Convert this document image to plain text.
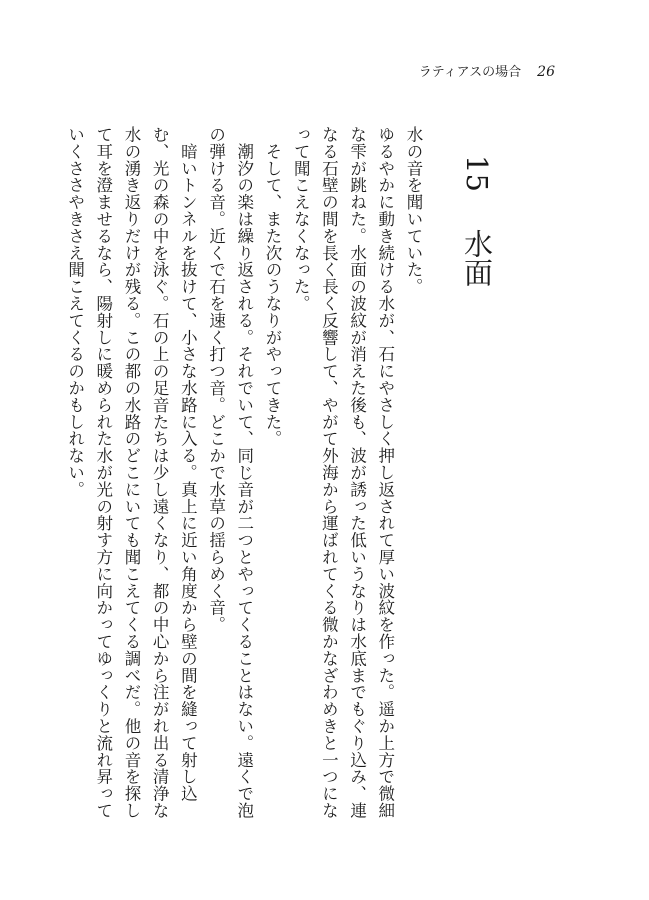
ラティアスの場合 26
15 水面

水の音を聞いていた。

ゆるやかに動き続ける水が、石にやさしく押し返されて厚い波紋を作った。遥か上方で微細な雫が跳ねた。水面の波紋が消えた後も、波が誘った低いうなりは水底までもぐり込み、連なる石壁の間を長く長く反響して、やがて外海から運ばれてくる微かなざわめきと一つになって聞こえなくなった。

　そして、また次のうなりがやってきた。

　潮汐の楽は繰り返される。それでいて、同じ音が二つとやってくることはない。遠くで泡の弾ける音。近くで石を速く打つ音。どこかで水草の揺らめく音。

　暗いトンネルを抜けて、小さな水路に入る。真上に近い角度から壁の間を縫って射し込む、光の森の中を泳ぐ。石の上の足音たちは少し遠くなり、都の中心から注がれ出る清浄な水の湧き返りだけが残る。この都の水路のどこにいても聞こえてくる調べだ。他の音を探して耳を澄ませるなら、陽射しに暖められた水が光の射す方に向かってゆっくりと流れ昇っていくささやきさえ聞こえてくるのかもしれない。
